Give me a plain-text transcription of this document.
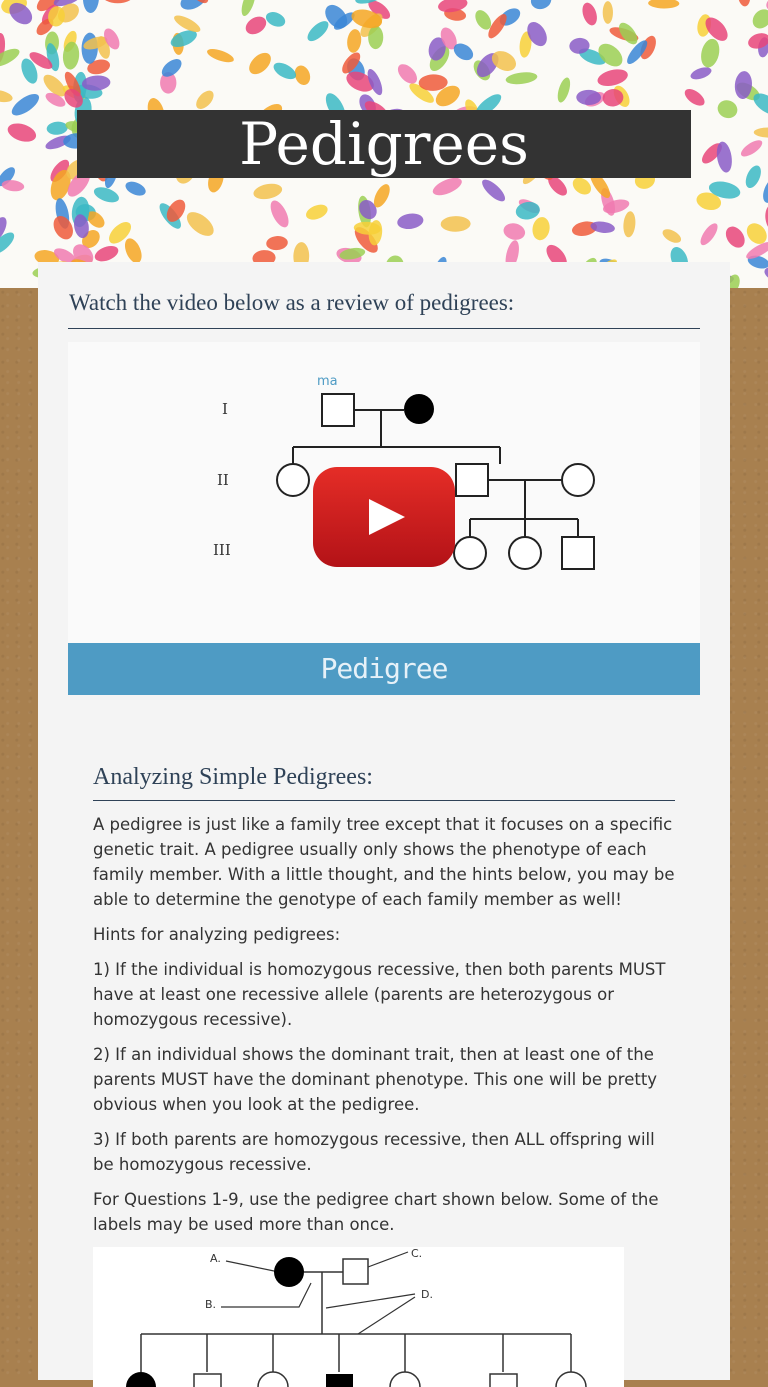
Pedigrees
Watch the video below as a review of pedigrees:
I
II
III
ma
Pedigree
Analyzing Simple Pedigrees:

A pedigree is just like a family tree except that it focuses on a specific genetic trait. A pedigree usually only shows the phenotype of each family member. With a little thought, and the hints below, you may be able to determine the genotype of each family member as well!

Hints for analyzing pedigrees:

1) If the individual is homozygous recessive, then both parents MUST have at least one recessive allele (parents are heterozygous or homozygous recessive).

2) If an individual shows the dominant trait, then at least one of the parents MUST have the dominant phenotype. This one will be pretty obvious when you look at the pedigree.

3) If both parents are homozygous recessive, then ALL offspring will be homozygous recessive.

For Questions 1-9, use the pedigree chart shown below. Some of the labels may be used more than once.

A.
B.
C.
D.
